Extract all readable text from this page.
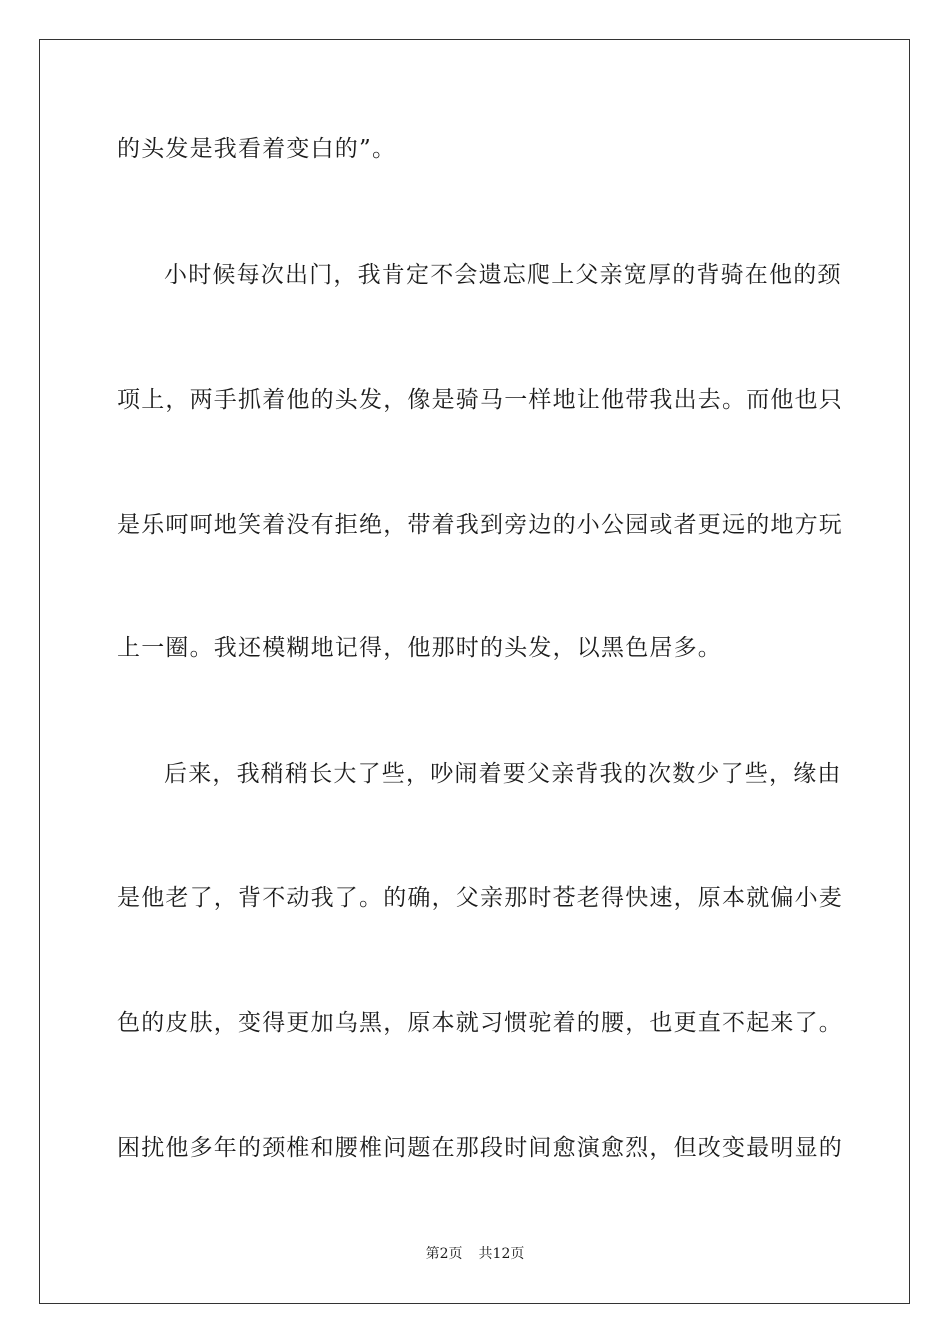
的头发是我看着变白的”。
小时候每次出门，我肯定不会遗忘爬上父亲宽厚的背骑在他的颈
项上，两手抓着他的头发，像是骑马一样地让他带我出去。而他也只
是乐呵呵地笑着没有拒绝，带着我到旁边的小公园或者更远的地方玩
上一圈。我还模糊地记得，他那时的头发，以黑色居多。
后来，我稍稍长大了些，吵闹着要父亲背我的次数少了些，缘由
是他老了，背不动我了。的确，父亲那时苍老得快速，原本就偏小麦
色的皮肤，变得更加乌黑，原本就习惯驼着的腰，也更直不起来了。
困扰他多年的颈椎和腰椎问题在那段时间愈演愈烈，但改变最明显的
第2页 共12页
